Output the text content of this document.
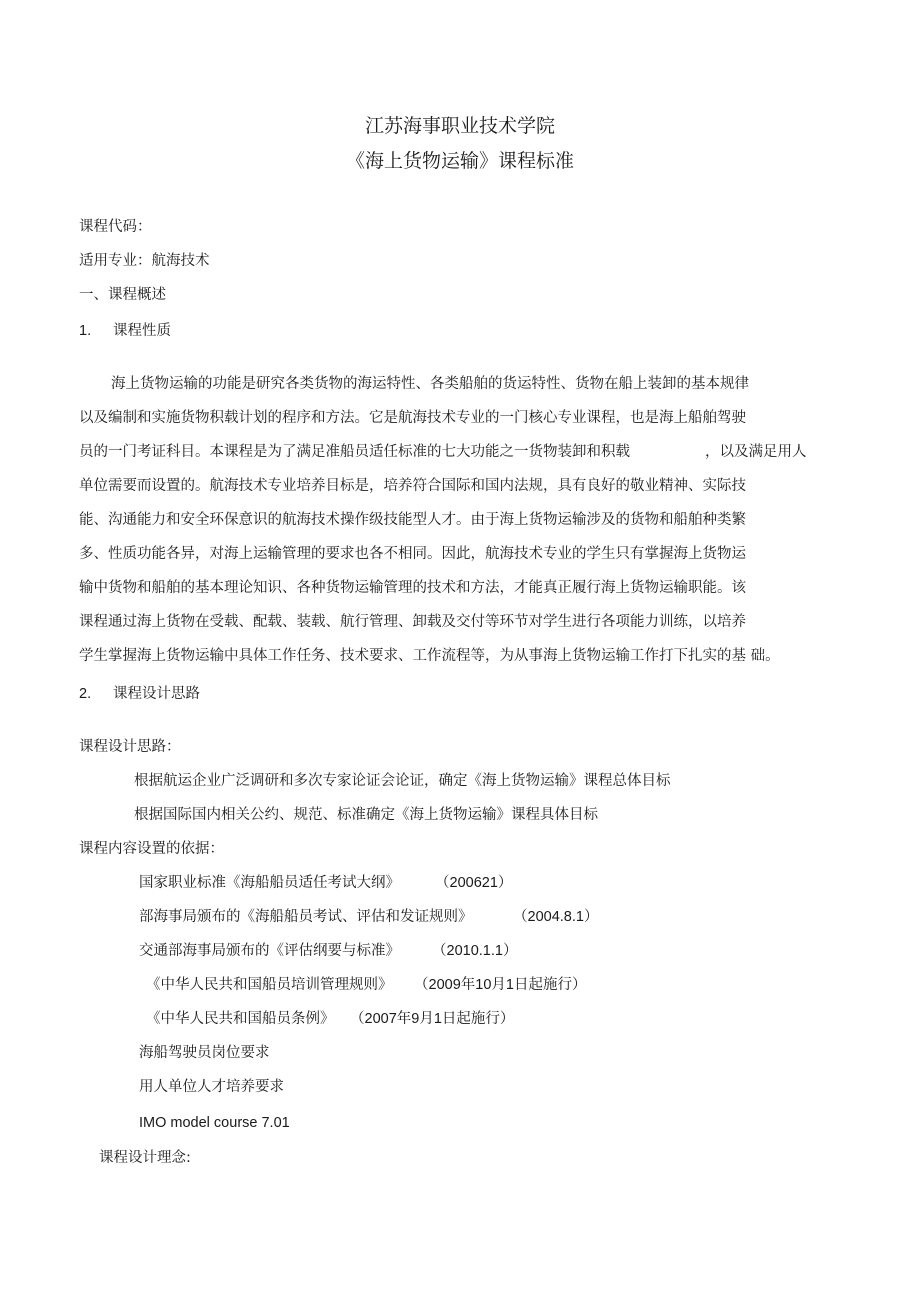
江苏海事职业技术学院
《海上货物运输》课程标准
课程代码：
适用专业：航海技术
一、课程概述
1. 课程性质
海上货物运输的功能是研究各类货物的海运特性、各类船舶的货运特性、货物在船上装卸的基本规律
以及编制和实施货物积载计划的程序和方法。它是航海技术专业的一门核心专业课程，也是海上船舶驾驶
员的一门考证科目。本课程是为了满足准船员适任标准的七大功能之一货物装卸和积载	，以及满足用人
单位需要而设置的。航海技术专业培养目标是，培养符合国际和国内法规，具有良好的敬业精神、实际技
能、沟通能力和安全环保意识的航海技术操作级技能型人才。由于海上货物运输涉及的货物和船舶种类繁
多、性质功能各异，对海上运输管理的要求也各不相同。因此，航海技术专业的学生只有掌握海上货物运
输中货物和船舶的基本理论知识、各种货物运输管理的技术和方法，才能真正履行海上货物运输职能。该
课程通过海上货物在受载、配载、装载、航行管理、卸载及交付等环节对学生进行各项能力训练，以培养
学生掌握海上货物运输中具体工作任务、技术要求、工作流程等，为从事海上货物运输工作打下扎实的基 础。
2. 课程设计思路
课程设计思路：
根据航运企业广泛调研和多次专家论证会论证，确定《海上货物运输》课程总体目标
根据国际国内相关公约、规范、标准确定《海上货物运输》课程具体目标
课程内容设置的依据：
国家职业标准《海船船员适任考试大纲》 （200621）
部海事局颁布的《海船船员考试、评估和发证规则》	（2004.8.1）
交通部海事局颁布的《评估纲要与标准》 （2010.1.1）
《中华人民共和国船员培训管理规则》 （2009年10月1日起施行）
《中华人民共和国船员条例》 （2007年9月1日起施行）
海船驾驶员岗位要求
用人单位人才培养要求
IMO model course 7.01
课程设计理念:
